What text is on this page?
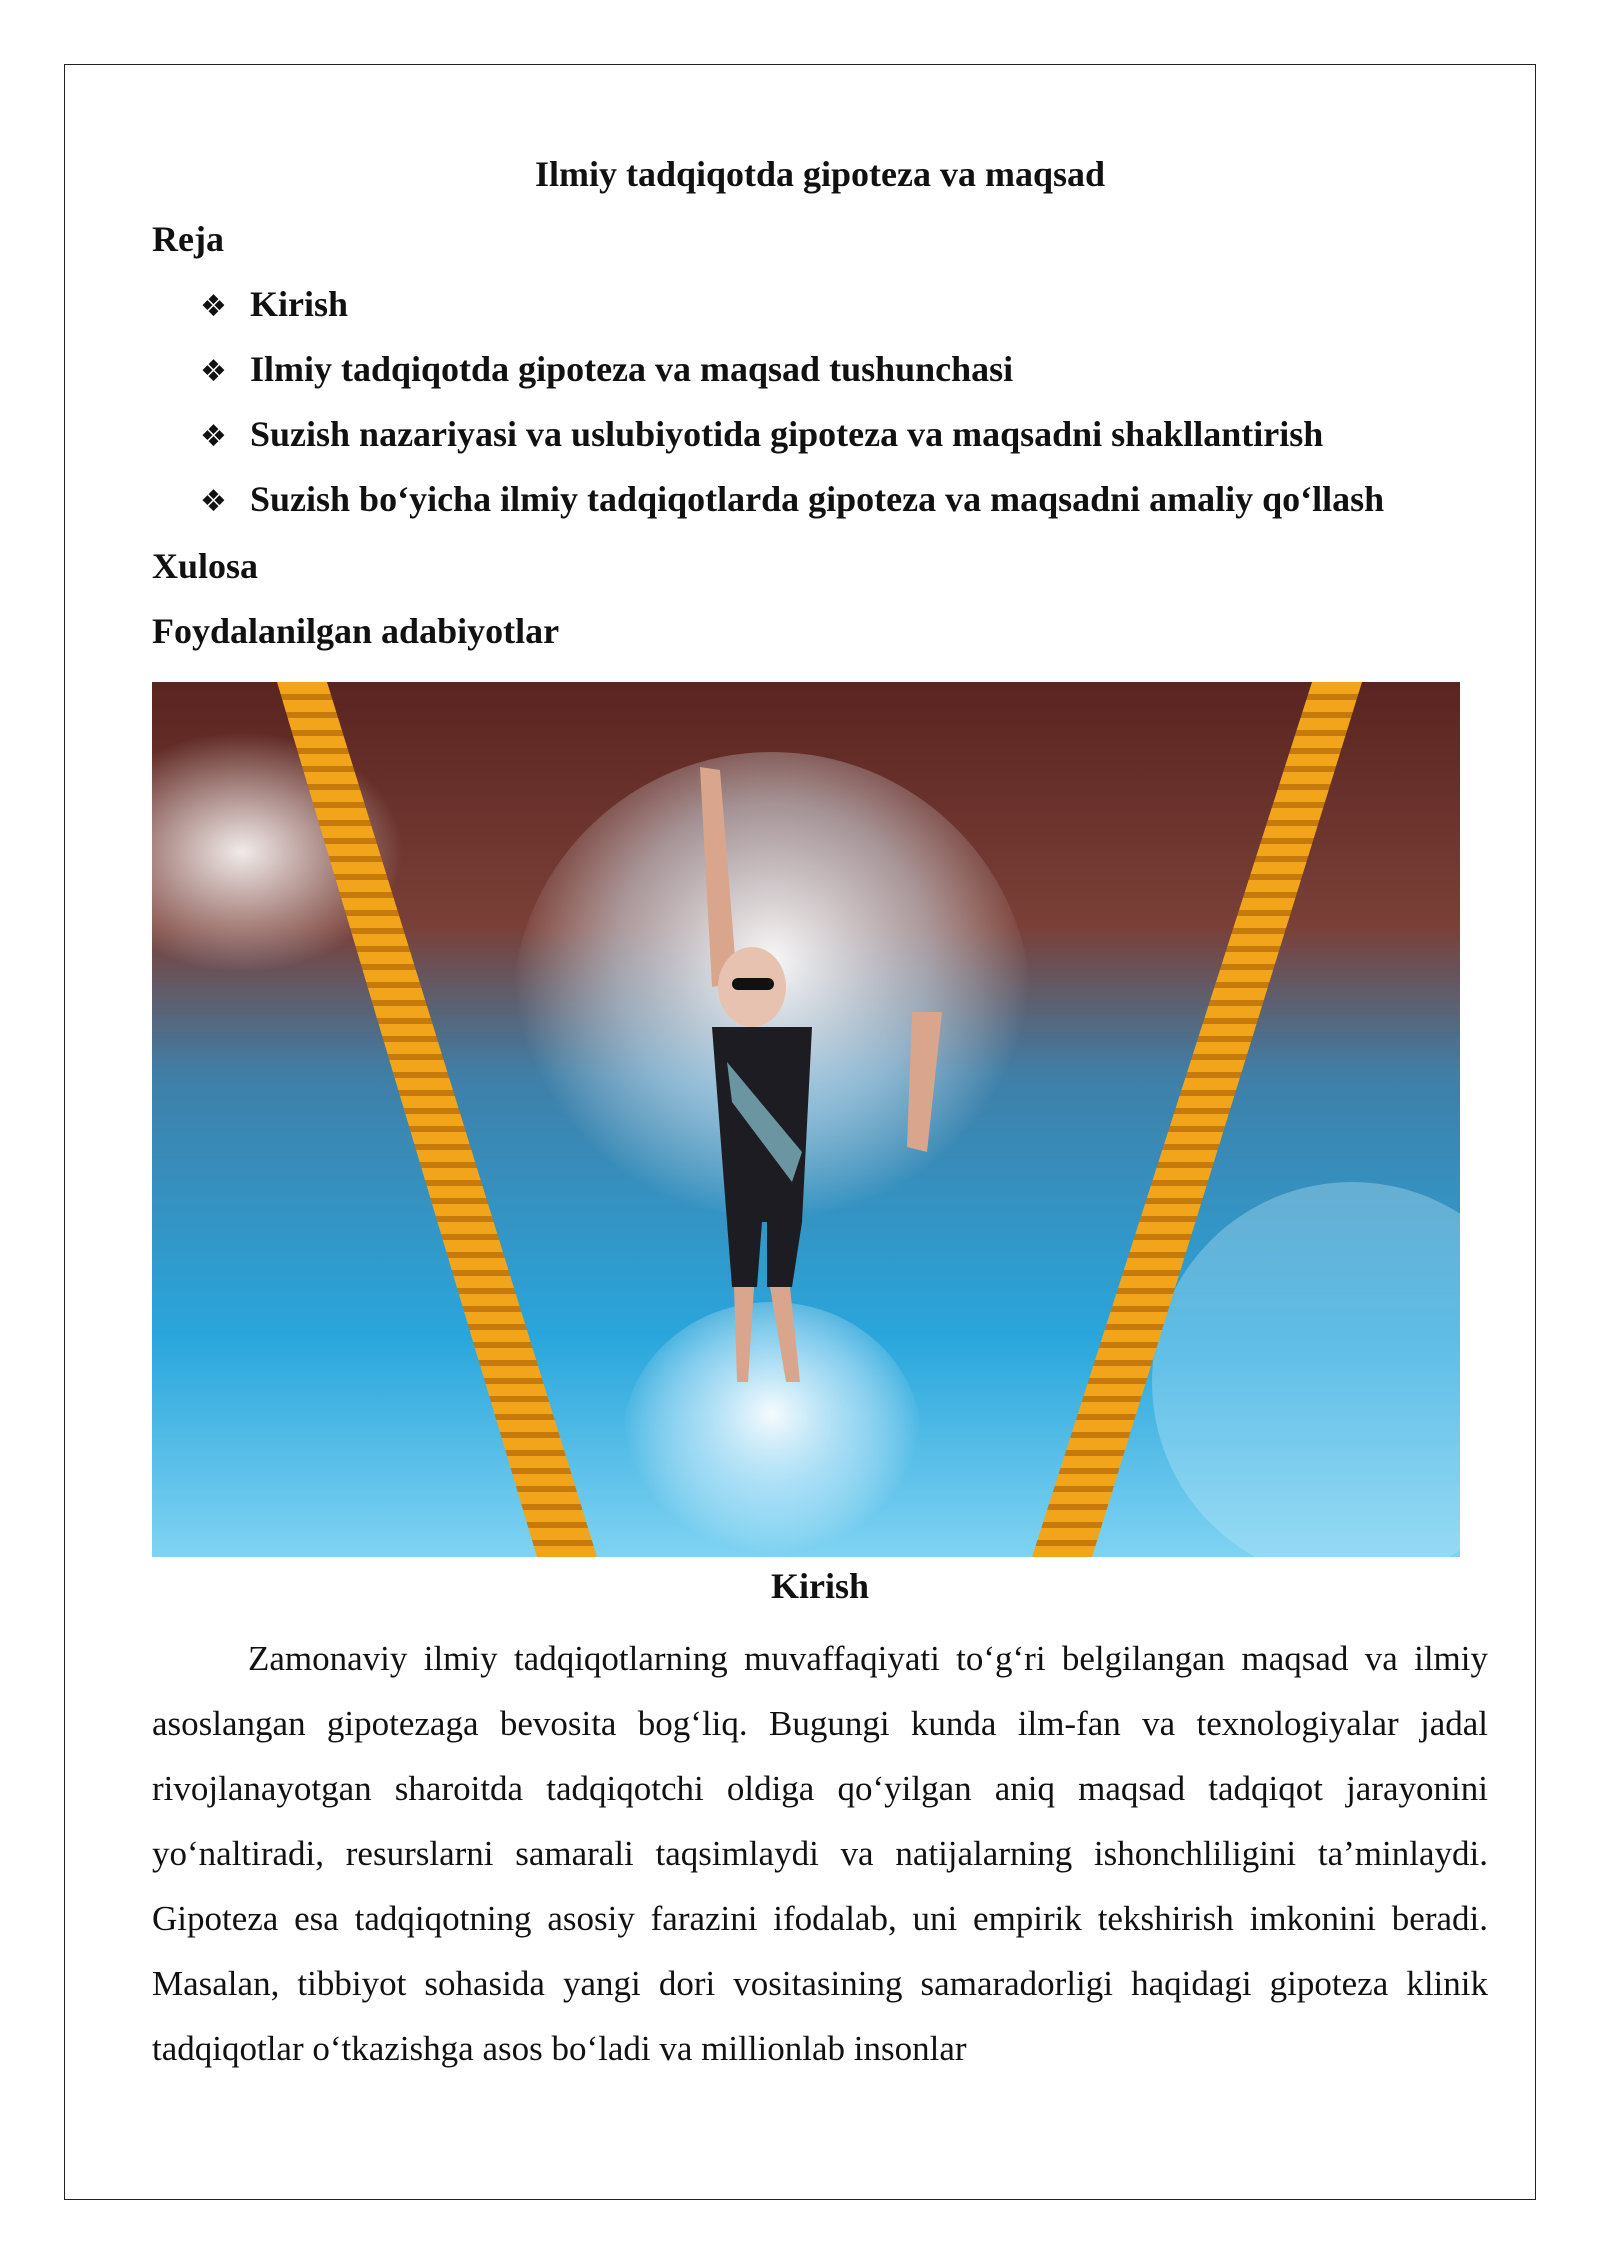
Ilmiy tadqiqotda gipoteza va maqsad
Reja
❖ Kirish
❖ Ilmiy tadqiqotda gipoteza va maqsad tushunchasi
❖ Suzish nazariyasi va uslubiyotida gipoteza va maqsadni shakllantirish
❖ Suzish bo‘yicha ilmiy tadqiqotlarda gipoteza va maqsadni amaliy qo‘llash
Xulosa
Foydalanilgan adabiyotlar
Kirish

Zamonaviy ilmiy tadqiqotlarning muvaffaqiyati to‘g‘ri belgilangan maqsad va ilmiy asoslangan gipotezaga bevosita bog‘liq. Bugungi kunda ilm-fan va texnologiyalar jadal rivojlanayotgan sharoitda tadqiqotchi oldiga qo‘yilgan aniq maqsad tadqiqot jarayonini yo‘naltiradi, resurslarni samarali taqsimlaydi va natijalarning ishonchliligini ta’minlaydi. Gipoteza esa tadqiqotning asosiy farazini ifodalab, uni empirik tekshirish imkonini beradi. Masalan, tibbiyot sohasida yangi dori vositasining samaradorligi haqidagi gipoteza klinik tadqiqotlar o‘tkazishga asos bo‘ladi va millionlab insonlar
